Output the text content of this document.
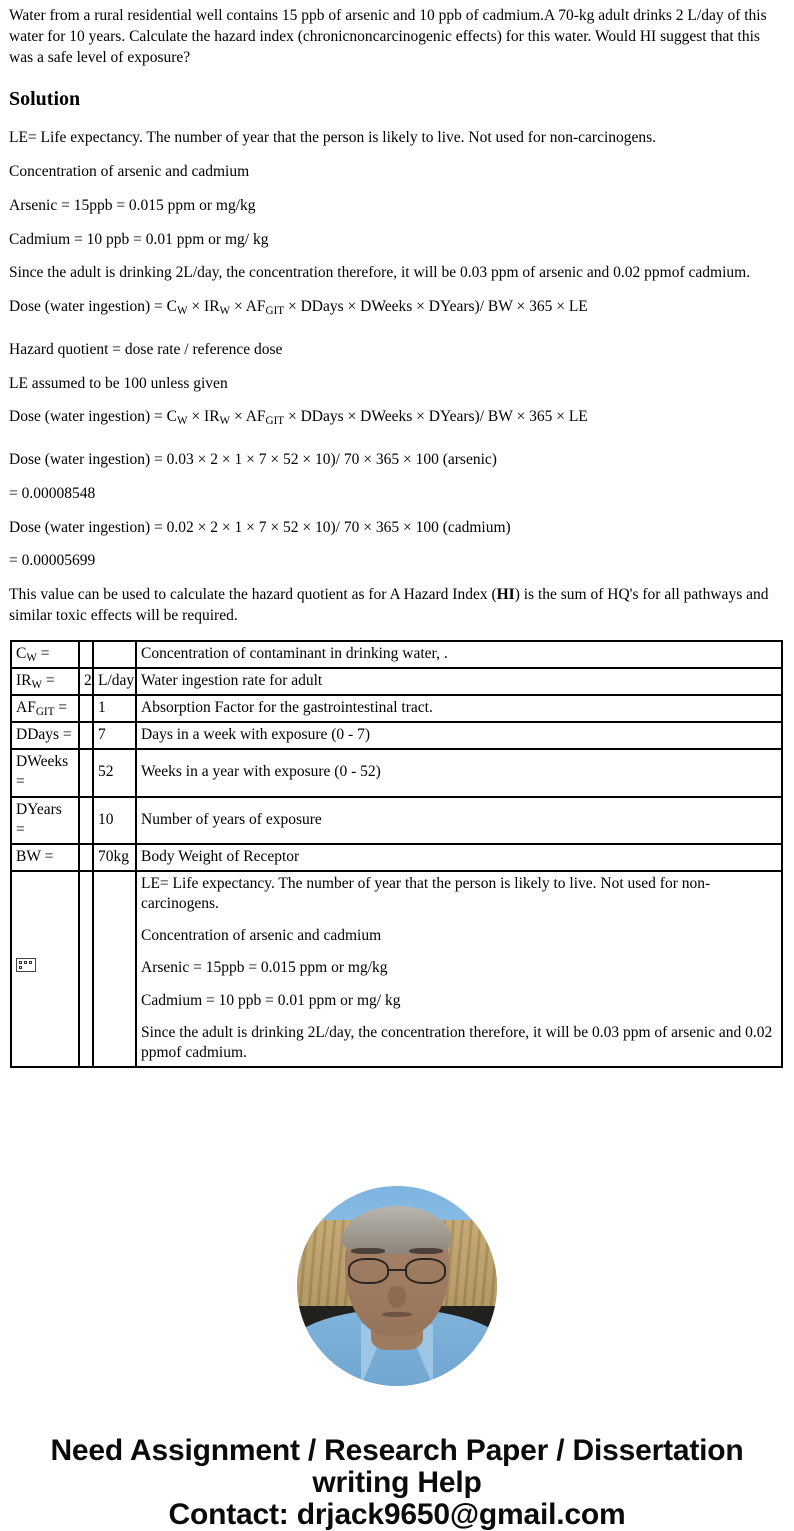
Water from a rural residential well contains 15 ppb of arsenic and 10 ppb of cadmium.A 70-kg adult drinks 2 L/day of this water for 10 years. Calculate the hazard index (chronicnoncarcinogenic effects) for this water. Would HI suggest that this was a safe level of exposure?

Solution

LE= Life expectancy. The number of year that the person is likely to live. Not used for non-carcinogens.

Concentration of arsenic and cadmium

Arsenic = 15ppb = 0.015 ppm or mg/kg

Cadmium = 10 ppb = 0.01 ppm or mg/ kg

Since the adult is drinking 2L/day, the concentration therefore, it will be 0.03 ppm of arsenic and 0.02 ppmof cadmium.

Dose (water ingestion) = $C_W \times IR_W \times AF_{GIT}$ × DDays × DWeeks × DYears)/ BW × 365 × LE

Hazard quotient = dose rate / reference dose

LE assumed to be 100 unless given

Dose (water ingestion) = $C_W \times IR_W \times AF_{GIT}$ × DDays × DWeeks × DYears)/ BW × 365 × LE

Dose (water ingestion) = 0.03 × 2 × 1 × 7 × 52 × 10)/ 70 × 365 × 100 (arsenic)

= 0.00008548

Dose (water ingestion) = 0.02 × 2 × 1 × 7 × 52 × 10)/ 70 × 365 × 100 (cadmium)

= 0.00005699

This value can be used to calculate the hazard quotient as for A Hazard Index (HI) is the sum of HQ's for all pathways and similar toxic effects will be required.

$C_W$ =			Concentration of contaminant in drinking water, .
$IR_W$ =	2	L/day	Water ingestion rate for adult
$AF_{GIT}$ =		1	Absorption Factor for the gastrointestinal tract.
DDays =		7	Days in a week with exposure (0 - 7)
DWeeks =		52	Weeks in a year with exposure (0 - 52)
DYears =		10	Number of years of exposure
BW =		70kg	Body Weight of Receptor

			LE= Life expectancy. The number of year that the person is likely to live. Not used for non-carcinogens.

Concentration of arsenic and cadmium

Arsenic = 15ppb = 0.015 ppm or mg/kg

Cadmium = 10 ppb = 0.01 ppm or mg/ kg

Since the adult is drinking 2L/day, the concentration therefore, it will be 0.03 ppm of arsenic and 0.02 ppmof cadmium.

Need Assignment / Research Paper / Dissertation
writing Help
Contact: drjack9650@gmail.com
